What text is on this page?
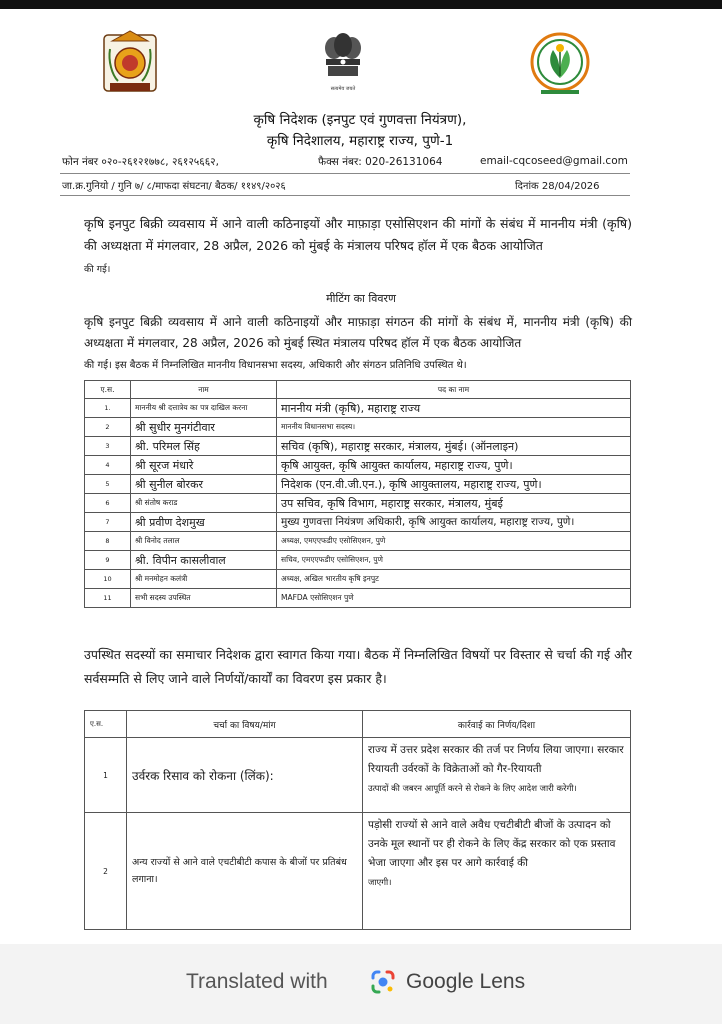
सत्यमेव जयते
कृषि निदेशक (इनपुट एवं गुणवत्ता नियंत्रण),
कृषि निदेशालय, महाराष्ट्र राज्य, पुणे-1
फोन नंबर ०२०-२६१२१७७८, २६१२५६६२,	फैक्स नंबर: 020-26131064	email-cqcoseed@gmail.com
जा.क्र.गुनियो / गुनि ७/ ८/माफदा संघटना/ बैठक/ ११४९/२०२६	दिनांक 28/04/2026
कृषि इनपुट बिक्री व्यवसाय में आने वाली कठिनाइयों और माफ़ाड़ा एसोसिएशन की मांगों के संबंध में माननीय मंत्री (कृषि) की अध्यक्षता में मंगलवार, 28 अप्रैल, 2026 को मुंबई के मंत्रालय परिषद हॉल में एक बैठक आयोजित
की गई।
मीटिंग का विवरण
कृषि इनपुट बिक्री व्यवसाय में आने वाली कठिनाइयों और माफ़ाड़ा संगठन की मांगों के संबंध में, माननीय मंत्री (कृषि) की अध्यक्षता में मंगलवार, 28 अप्रैल, 2026 को मुंबई स्थित मंत्रालय परिषद हॉल में एक बैठक आयोजित
की गई। इस बैठक में निम्नलिखित माननीय विधानसभा सदस्य, अधिकारी और संगठन प्रतिनिधि उपस्थित थे।
ए.स.	नाम	पद का नाम
1.	माननीय श्री दत्तात्रेय का पत्र दाखिल करना	माननीय मंत्री (कृषि), महाराष्ट्र राज्य
2	श्री सुधीर मुनगंटीवार	माननीय विधानसभा सदस्य।
3	श्री. परिमल सिंह	सचिव (कृषि), महाराष्ट्र सरकार, मंत्रालय, मुंबई। (ऑनलाइन)
4	श्री सूरज मंधारे	कृषि आयुक्त, कृषि आयुक्त कार्यालय, महाराष्ट्र राज्य, पुणे।
5	श्री सुनील बोरकर	निदेशक (एन.वी.जी.एन.), कृषि आयुक्तालय, महाराष्ट्र राज्य, पुणे।
6	श्री संतोष कराड	उप सचिव, कृषि विभाग, महाराष्ट्र सरकार, मंत्रालय, मुंबई
7	श्री प्रवीण देशमुख	मुख्य गुणवत्ता नियंत्रण अधिकारी, कृषि आयुक्त कार्यालय, महाराष्ट्र राज्य, पुणे।
8	श्री विनोद तलाल	अध्यक्ष, एमएएफडीए एसोसिएशन, पुणे
9	श्री. विपीन कासलीवाल	सचिव, एमएएफडीए एसोसिएशन, पुणे
10	श्री मनमोहन कलंत्री	अध्यक्ष, अखिल भारतीय कृषि इनपुट
11	सभी सदस्य उपस्थित	MAFDA एसोसिएशन पुणे
उपस्थित सदस्यों का समाचार निदेशक द्वारा स्वागत किया गया। बैठक में निम्नलिखित विषयों पर विस्तार से चर्चा की गई और सर्वसम्मति से लिए जाने वाले निर्णयों/कार्यों का विवरण इस प्रकार है।
ए.स.	चर्चा का विषय/मांग	कार्रवाई का निर्णय/दिशा
1	उर्वरक रिसाव को रोकना (लिंक):	राज्य में उत्तर प्रदेश सरकार की तर्ज पर निर्णय लिया जाएगा। सरकार रियायती उर्वरकों के विक्रेताओं को गैर-रियायती
उत्पादों की जबरन आपूर्ति करने से रोकने के लिए आदेश जारी करेगी।
2	अन्य राज्यों से आने वाले एचटीबीटी कपास के बीजों पर प्रतिबंध लगाना।	पड़ोसी राज्यों से आने वाले अवैध एचटीबीटी बीजों के उत्पादन को उनके मूल स्थानों पर ही रोकने के लिए केंद्र सरकार को एक प्रस्ताव भेजा जाएगा और इस पर आगे कार्रवाई की
जाएगी।
Translated with	Google Lens
